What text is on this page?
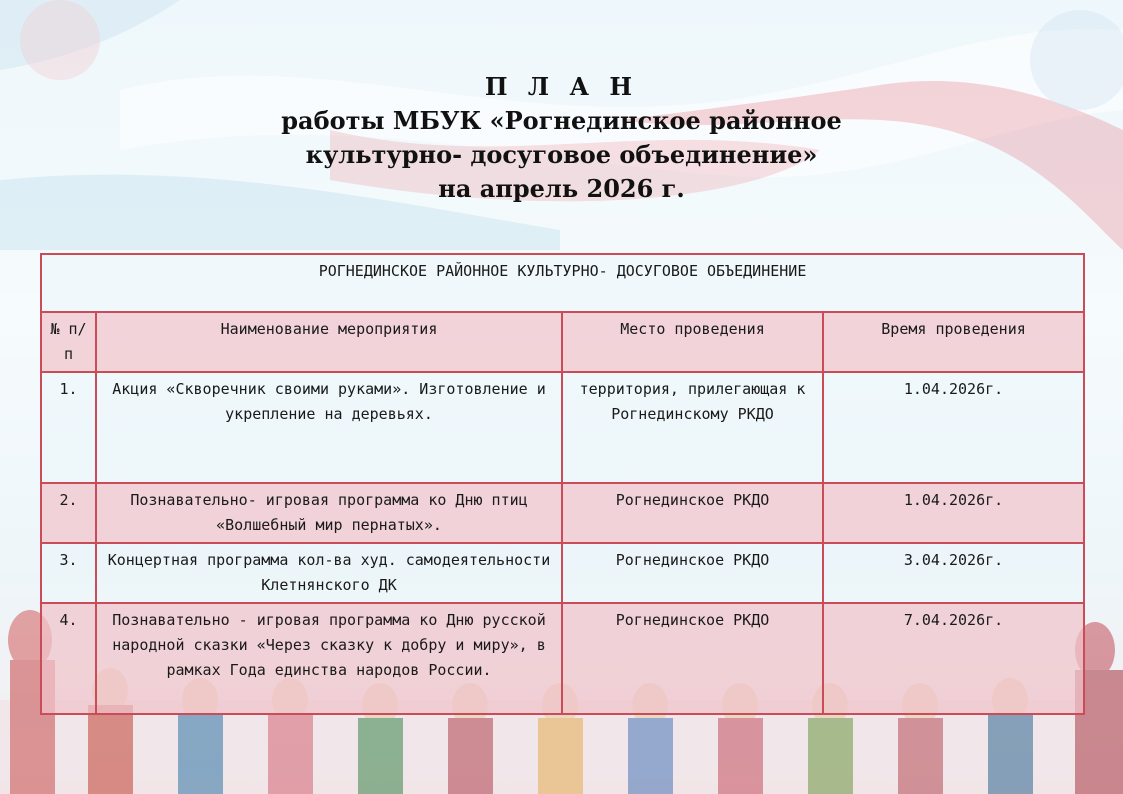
П Л А Н
работы МБУК «Рогнединское районное
культурно- досуговое объединение»
на апрель 2026 г.
РОГНЕДИНСКОЕ РАЙОННОЕ КУЛЬТУРНО- ДОСУГОВОЕ ОБЪЕДИНЕНИЕ			
№ п/п	Наименование мероприятия	Место проведения	Время проведения
1.	Акция «Скворечник своими руками». Изготовление и укрепление на деревьях.	территория, прилегающая к Рогнединскому РКДО	1.04.2026г.
2.	Познавательно- игровая программа ко Дню птиц «Волшебный мир пернатых».	Рогнединское РКДО	1.04.2026г.
3.	Концертная программа кол-ва худ. самодеятельности Клетнянского ДК	Рогнединское РКДО	3.04.2026г.
4.	Познавательно - игровая программа ко Дню русской народной сказки «Через сказку к добру и миру», в рамках Года единства народов России.	Рогнединское РКДО	7.04.2026г.
